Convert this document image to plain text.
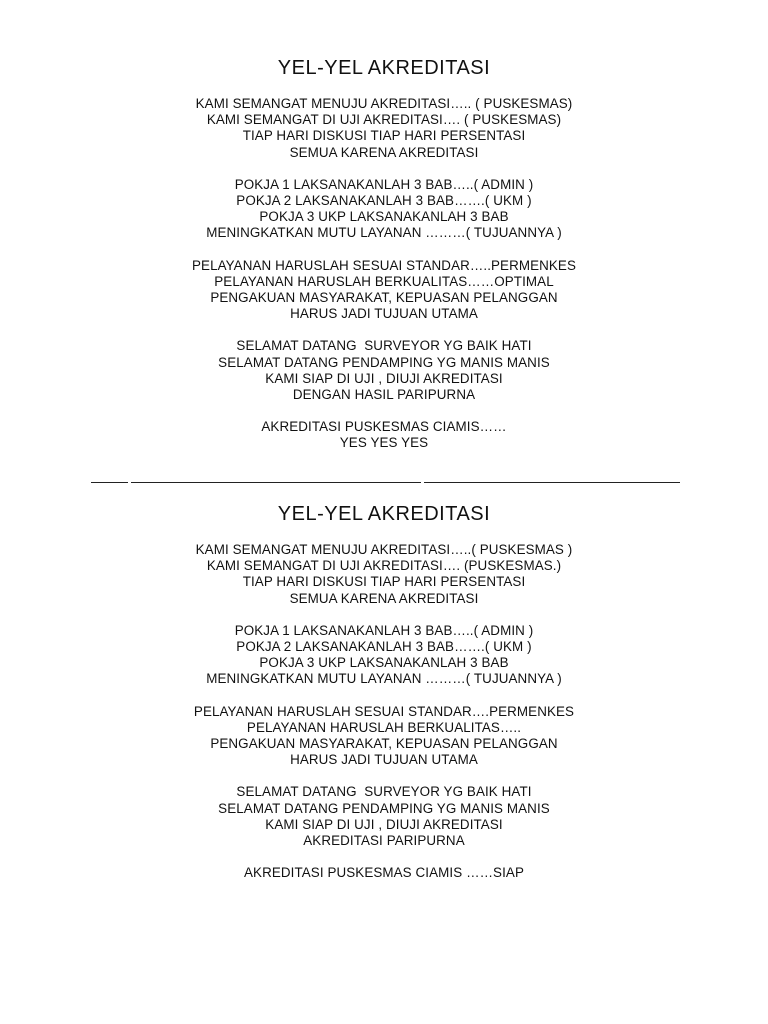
YEL-YEL AKREDITASI
KAMI SEMANGAT MENUJU AKREDITASI….. ( PUSKESMAS)
KAMI SEMANGAT DI UJI AKREDITASI…. ( PUSKESMAS)
TIAP HARI DISKUSI TIAP HARI PERSENTASI
SEMUA KARENA AKREDITASI
POKJA 1 LAKSANAKANLAH 3 BAB…..( ADMIN )
POKJA 2 LAKSANAKANLAH 3 BAB…….( UKM )
POKJA 3 UKP LAKSANAKANLAH 3 BAB
MENINGKATKAN MUTU LAYANAN ………( TUJUANNYA )
PELAYANAN HARUSLAH SESUAI STANDAR…..PERMENKES
PELAYANAN HARUSLAH BERKUALITAS……OPTIMAL
PENGAKUAN MASYARAKAT, KEPUASAN PELANGGAN
HARUS JADI TUJUAN UTAMA
SELAMAT DATANG  SURVEYOR YG BAIK HATI
SELAMAT DATANG PENDAMPING YG MANIS MANIS
KAMI SIAP DI UJI , DIUJI AKREDITASI
DENGAN HASIL PARIPURNA
AKREDITASI PUSKESMAS CIAMIS……
YES YES YES
YEL-YEL AKREDITASI
KAMI SEMANGAT MENUJU AKREDITASI…..( PUSKESMAS )
KAMI SEMANGAT DI UJI AKREDITASI…. (PUSKESMAS.)
TIAP HARI DISKUSI TIAP HARI PERSENTASI
SEMUA KARENA AKREDITASI
POKJA 1 LAKSANAKANLAH 3 BAB…..( ADMIN )
POKJA 2 LAKSANAKANLAH 3 BAB…….( UKM )
POKJA 3 UKP LAKSANAKANLAH 3 BAB
MENINGKATKAN MUTU LAYANAN ………( TUJUANNYA )
PELAYANAN HARUSLAH SESUAI STANDAR….PERMENKES
PELAYANAN HARUSLAH BERKUALITAS…..
PENGAKUAN MASYARAKAT, KEPUASAN PELANGGAN
HARUS JADI TUJUAN UTAMA
SELAMAT DATANG  SURVEYOR YG BAIK HATI
SELAMAT DATANG PENDAMPING YG MANIS MANIS
KAMI SIAP DI UJI , DIUJI AKREDITASI
AKREDITASI PARIPURNA
AKREDITASI PUSKESMAS CIAMIS ……SIAP
